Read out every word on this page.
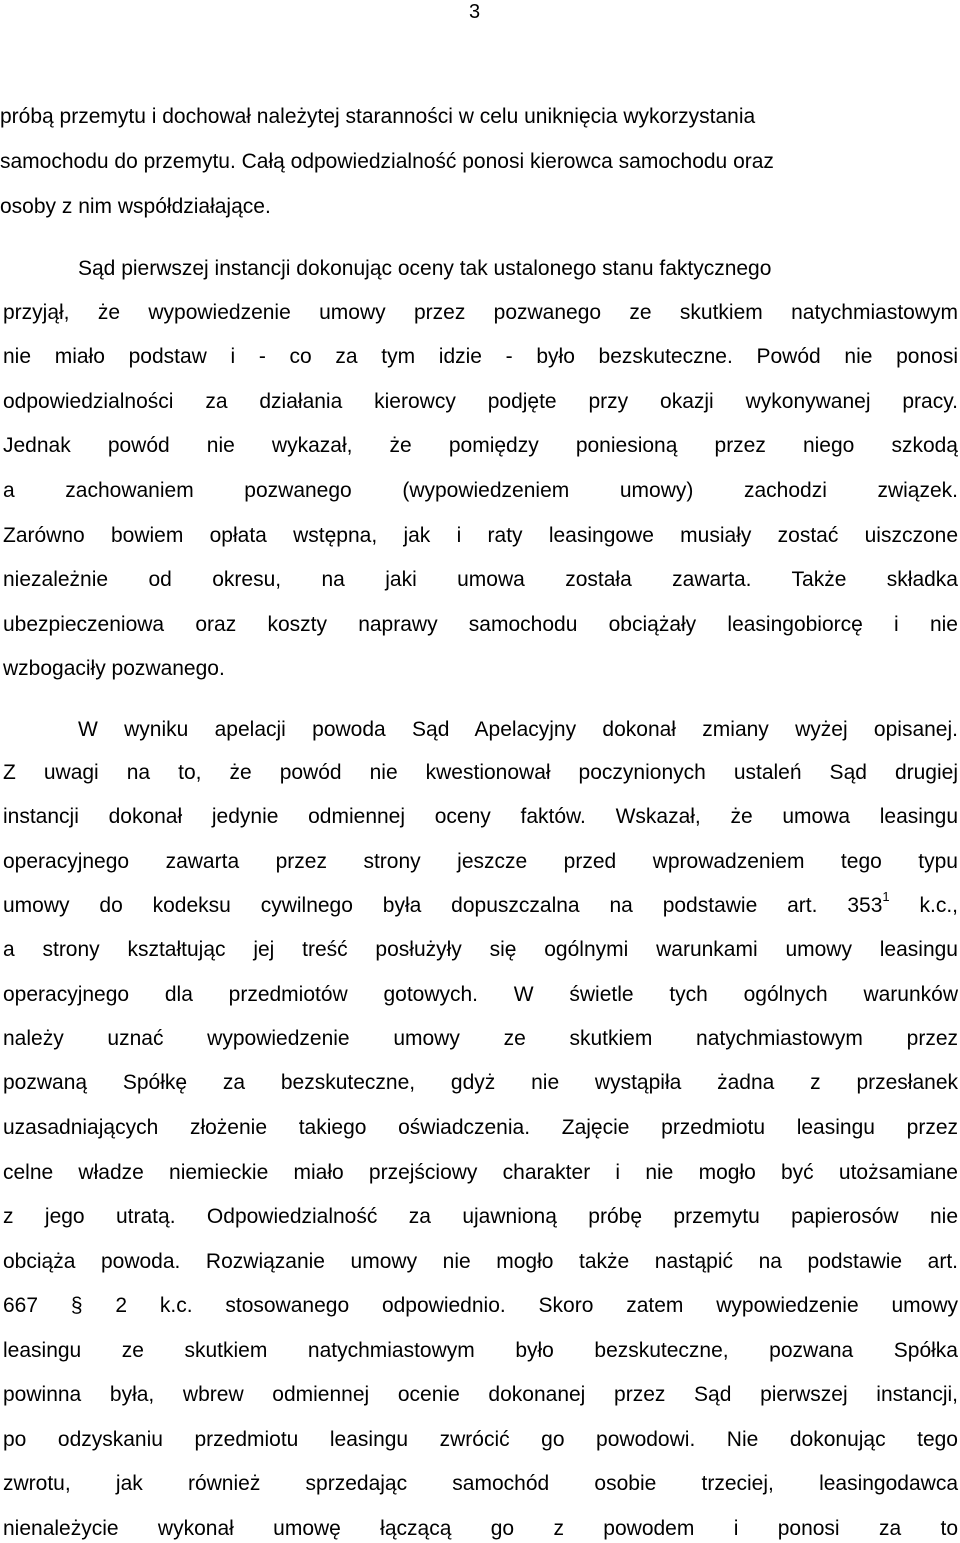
3
próbą przemytu i dochował należytej staranności w celu uniknięcia wykorzystania
samochodu do przemytu. Całą odpowiedzialność ponosi kierowca samochodu oraz
osoby z nim współdziałające.
Sąd pierwszej instancji dokonując oceny tak ustalonego stanu faktycznego
przyjął, że wypowiedzenie umowy przez pozwanego ze skutkiem natychmiastowym
nie miało podstaw i - co za tym idzie - było bezskuteczne. Powód nie ponosi
odpowiedzialności za działania kierowcy podjęte przy okazji wykonywanej pracy.
Jednak powód nie wykazał, że pomiędzy poniesioną przez niego szkodą
a zachowaniem pozwanego (wypowiedzeniem umowy) zachodzi związek.
Zarówno bowiem opłata wstępna, jak i raty leasingowe musiały zostać uiszczone
niezależnie od okresu, na jaki umowa została zawarta. Także składka
ubezpieczeniowa oraz koszty naprawy samochodu obciążały leasingobiorcę i nie
wzbogaciły pozwanego.
W wyniku apelacji powoda Sąd Apelacyjny dokonał zmiany wyżej opisanej.
Z uwagi na to, że powód nie kwestionował poczynionych ustaleń Sąd drugiej
instancji dokonał jedynie odmiennej oceny faktów. Wskazał, że umowa leasingu
operacyjnego zawarta przez strony jeszcze przed wprowadzeniem tego typu
umowy do kodeksu cywilnego była dopuszczalna na podstawie art. $353^1$ k.c.,
a strony kształtując jej treść posłużyły się ogólnymi warunkami umowy leasingu
operacyjnego dla przedmiotów gotowych. W świetle tych ogólnych warunków
należy uznać wypowiedzenie umowy ze skutkiem natychmiastowym przez
pozwaną Spółkę za bezskuteczne, gdyż nie wystąpiła żadna z przesłanek
uzasadniających złożenie takiego oświadczenia. Zajęcie przedmiotu leasingu przez
celne władze niemieckie miało przejściowy charakter i nie mogło być utożsamiane
z jego utratą. Odpowiedzialność za ujawnioną próbę przemytu papierosów nie
obciąża powoda. Rozwiązanie umowy nie mogło także nastąpić na podstawie art.
667 § 2 k.c. stosowanego odpowiednio. Skoro zatem wypowiedzenie umowy
leasingu ze skutkiem natychmiastowym było bezskuteczne, pozwana Spółka
powinna była, wbrew odmiennej ocenie dokonanej przez Sąd pierwszej instancji,
po odzyskaniu przedmiotu leasingu zwrócić go powodowi. Nie dokonując tego
zwrotu, jak również sprzedając samochód osobie trzeciej, leasingodawca
nienależycie wykonał umowę łączącą go z powodem i ponosi za to
